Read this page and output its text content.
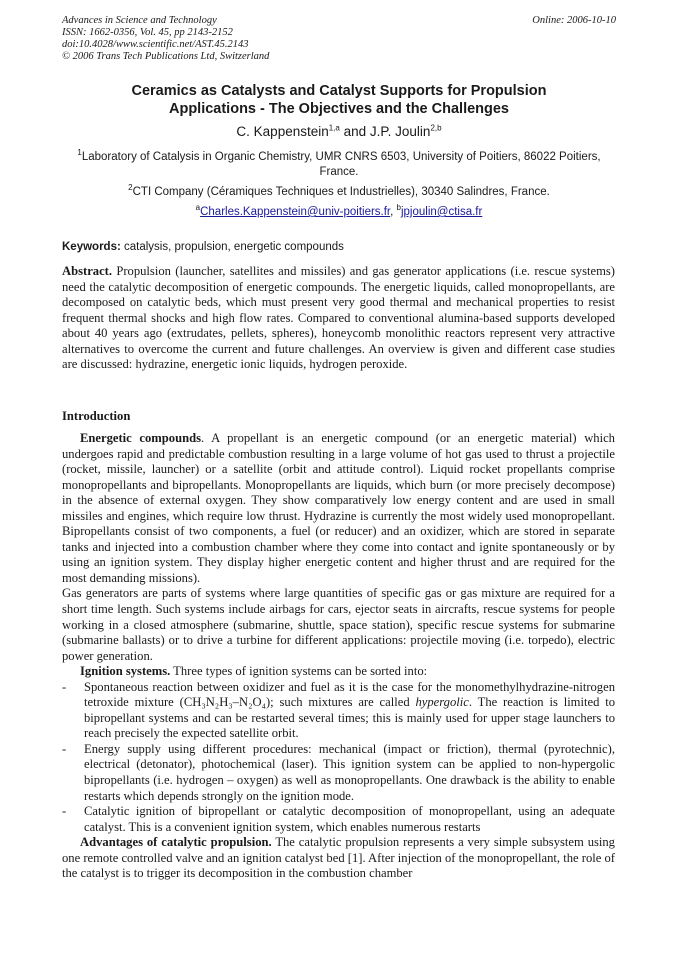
Advances in Science and Technology
ISSN: 1662-0356, Vol. 45, pp 2143-2152
doi:10.4028/www.scientific.net/AST.45.2143
© 2006 Trans Tech Publications Ltd, Switzerland
Online: 2006-10-10
Ceramics as Catalysts and Catalyst Supports for Propulsion
Applications - The Objectives and the Challenges
C. Kappenstein$^{1,a}$ and J.P. Joulin$^{2,b}$
$^1$Laboratory of Catalysis in Organic Chemistry, UMR CNRS 6503, University of Poitiers, 86022 Poitiers, France.
$^2$CTI Company (Céramiques Techniques et Industrielles), 30340 Salindres, France.
$^a$Charles.Kappenstein@univ-poitiers.fr, $^b$jpjoulin@ctisa.fr
Keywords: catalysis, propulsion, energetic compounds
Abstract. Propulsion (launcher, satellites and missiles) and gas generator applications (i.e. rescue systems) need the catalytic decomposition of energetic compounds. The energetic liquids, called monopropellants, are decomposed on catalytic beds, which must present very good thermal and mechanical properties to resist frequent thermal shocks and high flow rates. Compared to conventional alumina-based supports developed about 40 years ago (extrudates, pellets, spheres), honeycomb monolithic reactors represent very attractive alternatives to overcome the current and future challenges. An overview is given and different case studies are discussed: hydrazine, energetic ionic liquids, hydrogen peroxide.
Introduction

Energetic compounds. A propellant is an energetic compound (or an energetic material) which undergoes rapid and predictable combustion resulting in a large volume of hot gas used to thrust a projectile (rocket, missile, launcher) or a satellite (orbit and attitude control). Liquid rocket propellants comprise monopropellants and bipropellants. Monopropellants are liquids, which burn (or more precisely decompose) in the absence of external oxygen. They show comparatively low energy content and are used in small missiles and engines, which require low thrust. Hydrazine is currently the most widely used monopropellant. Bipropellants consist of two components, a fuel (or reducer) and an oxidizer, which are stored in separate tanks and injected into a combustion chamber where they come into contact and ignite spontaneously or by using an ignition system. They display higher energetic content and higher thrust and are required for the most demanding missions).

Gas generators are parts of systems where large quantities of specific gas or gas mixture are required for a short time length. Such systems include airbags for cars, ejector seats in aircrafts, rescue systems for people working in a closed atmosphere (submarine, shuttle, space station), specific rescue systems for submarine (submarine ballasts) or to drive a turbine for different applications: projectile moving (i.e. torpedo), electric power generation.

Ignition systems. Three types of ignition systems can be sorted into:

- Spontaneous reaction between oxidizer and fuel as it is the case for the monomethylhydrazine-nitrogen tetroxide mixture (CH₃N₂H₃–N₂O₄); such mixtures are called hypergolic. The reaction is limited to bipropellant systems and can be restarted several times; this is mainly used for upper stage launchers to reach precisely the expected satellite orbit.

- Energy supply using different procedures: mechanical (impact or friction), thermal (pyrotechnic), electrical (detonator), photochemical (laser). This ignition system can be applied to non-hypergolic bipropellants (i.e. hydrogen – oxygen) as well as monopropellants. One drawback is the ability to enable restarts which depends strongly on the ignition mode.

- Catalytic ignition of bipropellant or catalytic decomposition of monopropellant, using an adequate catalyst. This is a convenient ignition system, which enables numerous restarts

Advantages of catalytic propulsion. The catalytic propulsion represents a very simple subsystem using one remote controlled valve and an ignition catalyst bed [1]. After injection of the monopropellant, the role of the catalyst is to trigger its decomposition in the combustion chamber
